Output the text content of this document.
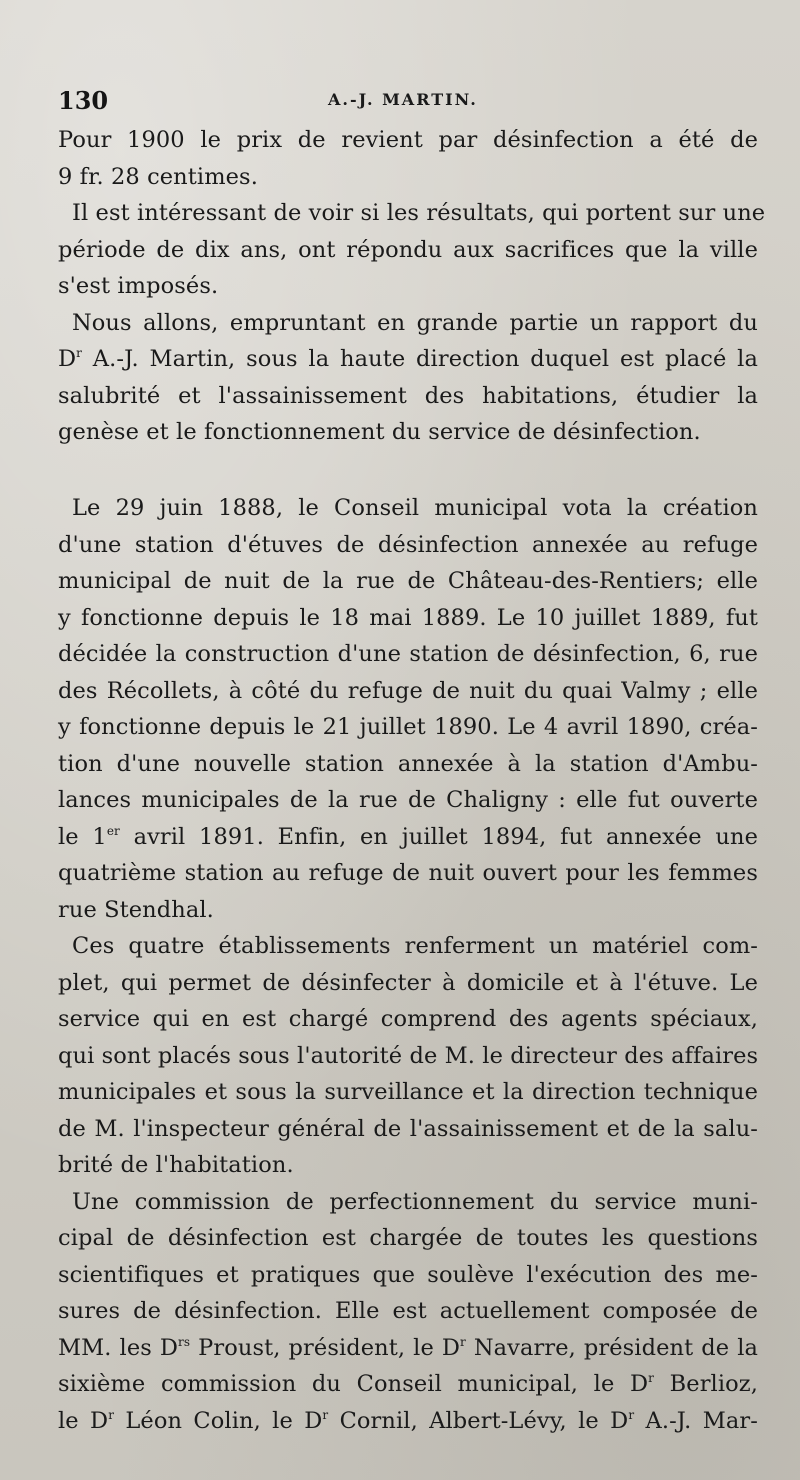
130	A.-J. MARTIN.
Pour 1900 le prix de revient par désinfection a été de
9 fr. 28 centimes.
Il est intéressant de voir si les résultats, qui portent sur une
période de dix ans, ont répondu aux sacrifices que la ville
s'est imposés.
Nous allons, empruntant en grande partie un rapport du
$D^r$ A.-J. Martin, sous la haute direction duquel est placé la
salubrité et l'assainissement des habitations, étudier la
genèse et le fonctionnement du service de désinfection.
Le 29 juin 1888, le Conseil municipal vota la création
d'une station d'étuves de désinfection annexée au refuge
municipal de nuit de la rue de Château-des-Rentiers; elle
y fonctionne depuis le 18 mai 1889. Le 10 juillet 1889, fut
décidée la construction d'une station de désinfection, 6, rue
des Récollets, à côté du refuge de nuit du quai Valmy ; elle
y fonctionne depuis le 21 juillet 1890. Le 4 avril 1890, créa-
tion d'une nouvelle station annexée à la station d'Ambu-
lances municipales de la rue de Chaligny : elle fut ouverte
le 1er avril 1891. Enfin, en juillet 1894, fut annexée une
quatrième station au refuge de nuit ouvert pour les femmes
rue Stendhal.
Ces quatre établissements renferment un matériel com-
plet, qui permet de désinfecter à domicile et à l'étuve. Le
service qui en est chargé comprend des agents spéciaux,
qui sont placés sous l'autorité de M. le directeur des affaires
municipales et sous la surveillance et la direction technique
de M. l'inspecteur général de l'assainissement et de la salu-
brité de l'habitation.
Une commission de perfectionnement du service muni-
cipal de désinfection est chargée de toutes les questions
scientifiques et pratiques que soulève l'exécution des me-
sures de désinfection. Elle est actuellement composée de
MM. les $D^{rs}$ Proust, président, le $D^r$ Navarre, président de la
sixième commission du Conseil municipal, le $D^r$ Berlioz,
le $D^r$ Léon Colin, le $D^r$ Cornil, Albert-Lévy, le $D^r$ A.-J. Mar-
